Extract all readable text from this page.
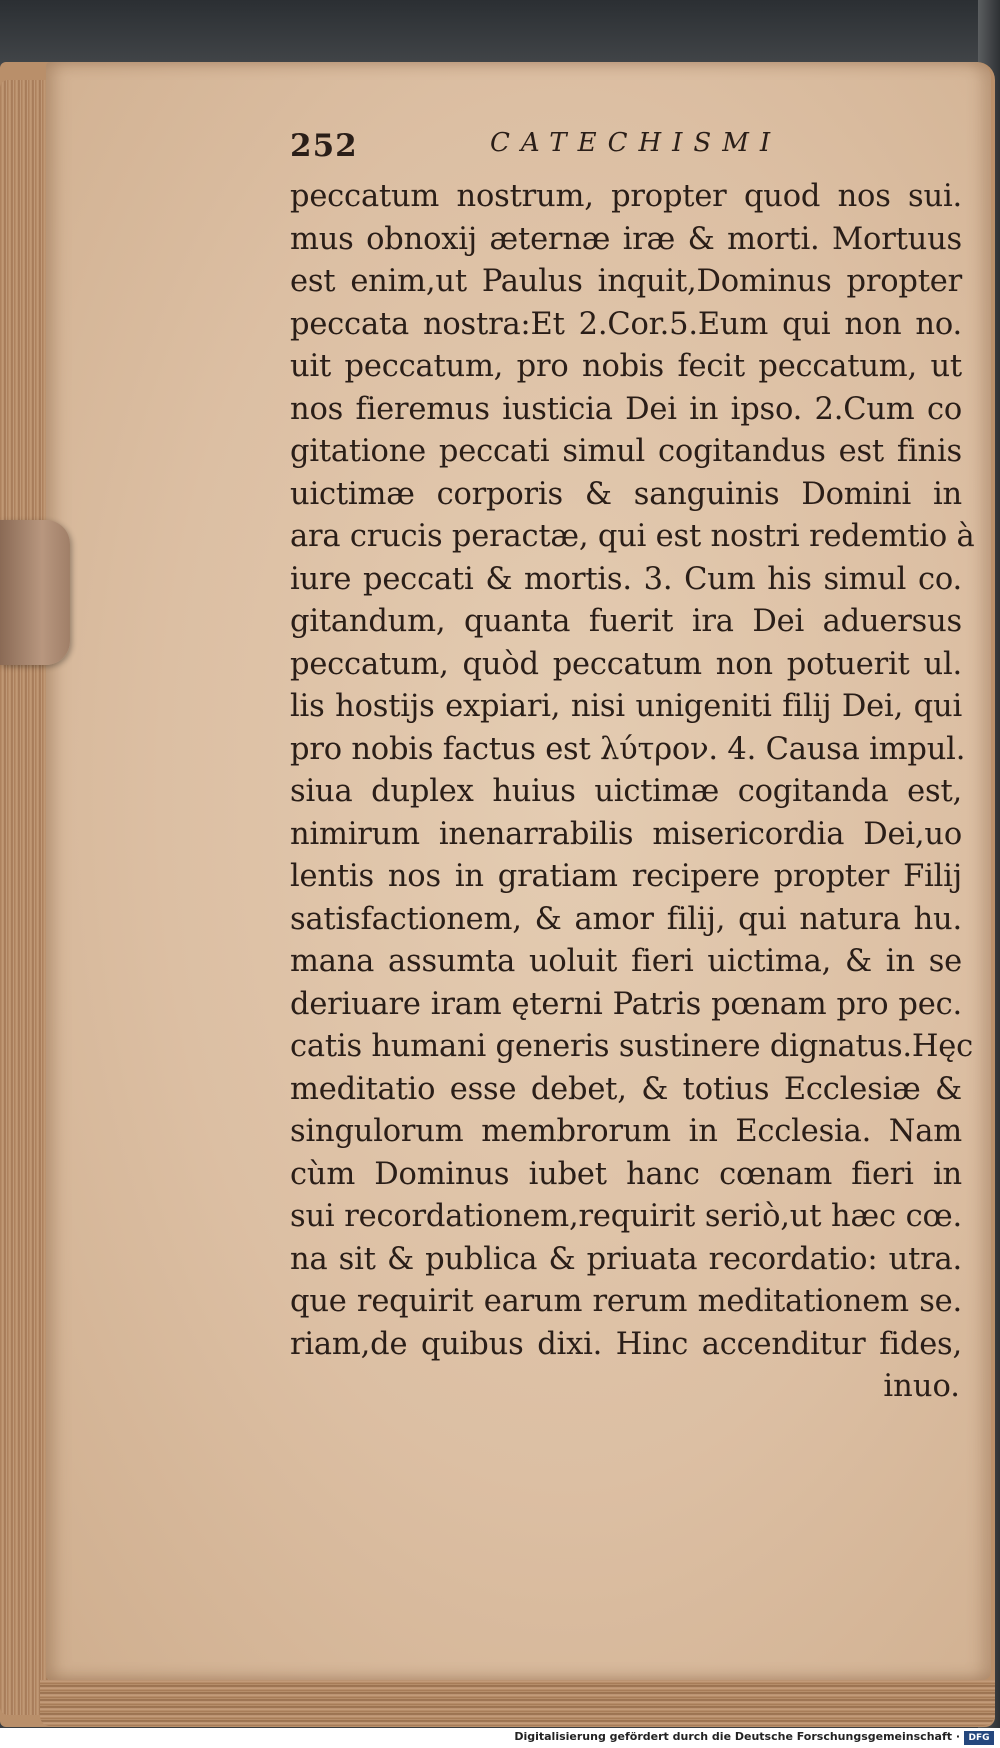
252	CATECHISMI
peccatum nostrum, propter quod nos sui.
mus obnoxij æternæ iræ & morti. Mortuus
est enim,ut Paulus inquit,Dominus propter
peccata nostra:Et 2.Cor.5.Eum qui non no.
uit peccatum, pro nobis fecit peccatum, ut
nos fieremus iusticia Dei in ipso. 2.Cum co
gitatione peccati simul cogitandus est finis
uictimæ corporis & sanguinis Domini in
ara crucis peractæ, qui est nostri redemtio à
iure peccati & mortis. 3. Cum his simul co.
gitandum, quanta fuerit ira Dei aduersus
peccatum, quòd peccatum non potuerit ul.
lis hostijs expiari, nisi unigeniti filij Dei, qui
pro nobis factus est λύτρον. 4. Causa impul.
siua duplex huius uictimæ cogitanda est,
nimirum inenarrabilis misericordia Dei,uo
lentis nos in gratiam recipere propter Filij
satisfactionem, & amor filij, qui natura hu.
mana assumta uoluit fieri uictima, & in se
deriuare iram ęterni Patris pœnam pro pec.
catis humani generis sustinere dignatus.Hęc
meditatio esse debet, & totius Ecclesiæ &
singulorum membrorum in Ecclesia. Nam
cùm Dominus iubet hanc cœnam fieri in
sui recordationem,requirit seriò,ut hæc cœ.
na sit & publica & priuata recordatio: utra.
que requirit earum rerum meditationem se.
riam,de quibus dixi. Hinc accenditur fides,
inuo.
Digitalisierung gefördert durch die Deutsche Forschungsgemeinschaft · DFG
